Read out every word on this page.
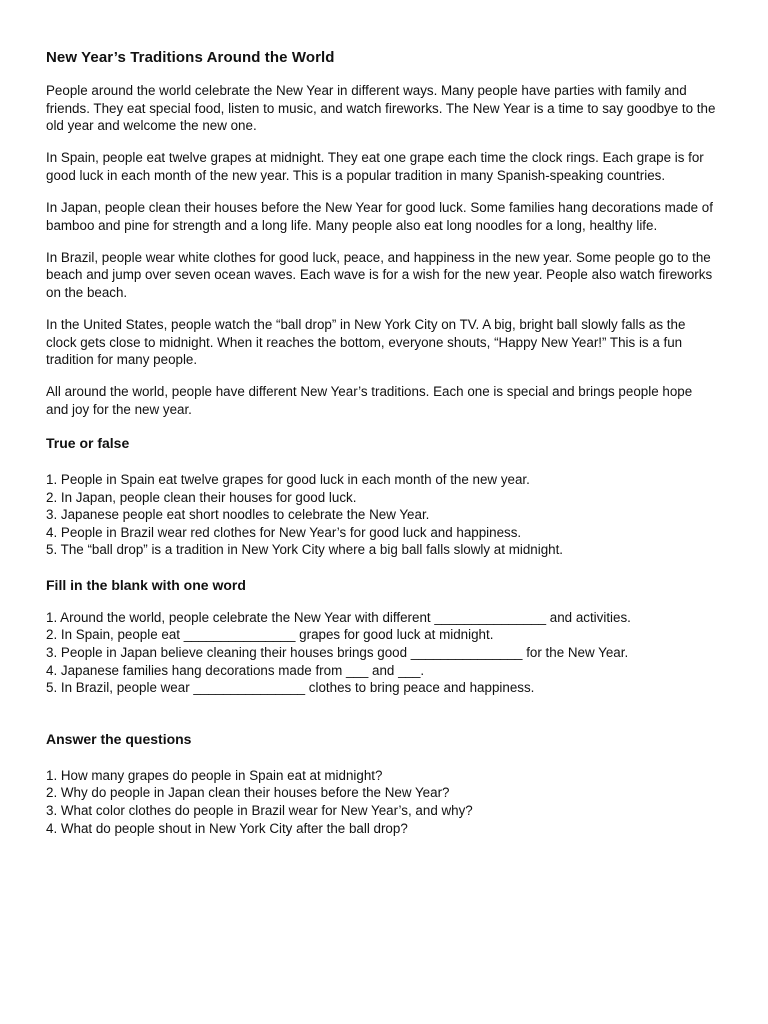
New Year’s Traditions Around the World

People around the world celebrate the New Year in different ways. Many people have parties with family and friends. They eat special food, listen to music, and watch fireworks. The New Year is a time to say goodbye to the old year and welcome the new one.

In Spain, people eat twelve grapes at midnight. They eat one grape each time the clock rings. Each grape is for good luck in each month of the new year. This is a popular tradition in many Spanish-speaking countries.

In Japan, people clean their houses before the New Year for good luck. Some families hang decorations made of bamboo and pine for strength and a long life. Many people also eat long noodles for a long, healthy life.

In Brazil, people wear white clothes for good luck, peace, and happiness in the new year. Some people go to the beach and jump over seven ocean waves. Each wave is for a wish for the new year. People also watch fireworks on the beach.

In the United States, people watch the “ball drop” in New York City on TV. A big, bright ball slowly falls as the clock gets close to midnight. When it reaches the bottom, everyone shouts, “Happy New Year!” This is a fun tradition for many people.

All around the world, people have different New Year’s traditions. Each one is special and brings people hope and joy for the new year.

True or false
1. People in Spain eat twelve grapes for good luck in each month of the new year.
2. In Japan, people clean their houses for good luck.
3. Japanese people eat short noodles to celebrate the New Year.
4. People in Brazil wear red clothes for New Year’s for good luck and happiness.
5. The “ball drop” is a tradition in New York City where a big ball falls slowly at midnight.
Fill in the blank with one word
1. Around the world, people celebrate the New Year with different _______________ and activities.
2. In Spain, people eat _______________ grapes for good luck at midnight.
3. People in Japan believe cleaning their houses brings good _______________ for the New Year.
4. Japanese families hang decorations made from ___ and ___.
5. In Brazil, people wear _______________ clothes to bring peace and happiness.
Answer the questions
1. How many grapes do people in Spain eat at midnight?
2. Why do people in Japan clean their houses before the New Year?
3. What color clothes do people in Brazil wear for New Year’s, and why?
4. What do people shout in New York City after the ball drop?
